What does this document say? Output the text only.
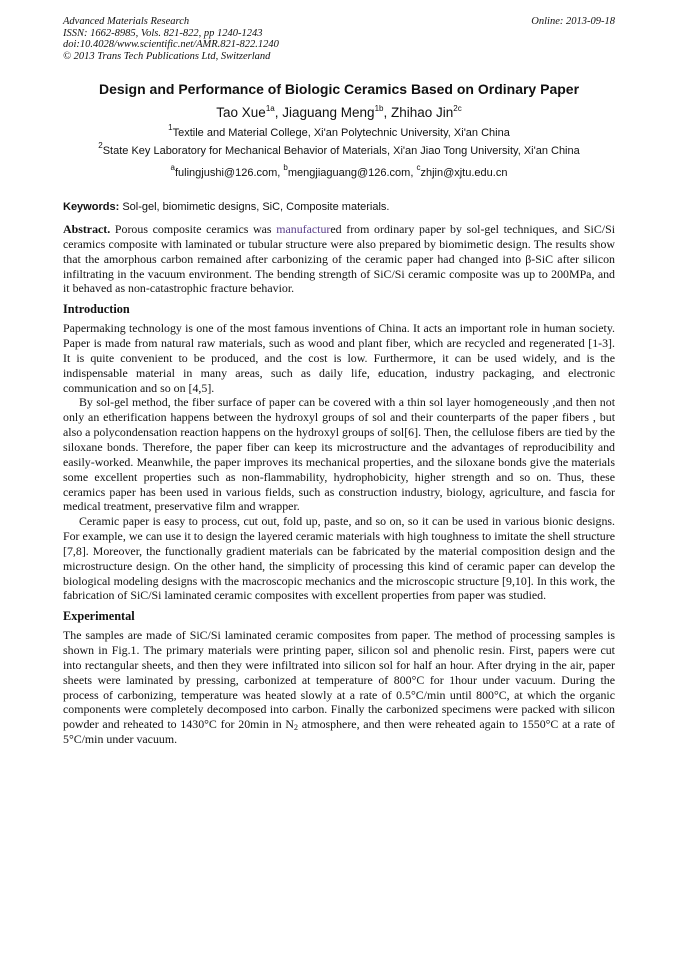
Advanced Materials Research
ISSN: 1662-8985, Vols. 821-822, pp 1240-1243
doi:10.4028/www.scientific.net/AMR.821-822.1240
© 2013 Trans Tech Publications Ltd, Switzerland
Online: 2013-09-18
Design and Performance of Biologic Ceramics Based on Ordinary Paper
Tao Xue$^{1a}$, Jiaguang Meng$^{1b}$, Zhihao Jin$^{2c}$
$^1$Textile and Material College, Xi'an Polytechnic University, Xi'an China
$^2$State Key Laboratory for Mechanical Behavior of Materials, Xi'an Jiao Tong University, Xi'an China
$^a$fulingjushi@126.com, $^b$mengjiaguang@126.com, $^c$zhjin@xjtu.edu.cn
Keywords: Sol-gel, biomimetic designs, SiC, Composite materials.
Abstract. Porous composite ceramics was manufactured from ordinary paper by sol-gel techniques, and SiC/Si ceramics composite with laminated or tubular structure were also prepared by biomimetic design. The results show that the amorphous carbon remained after carbonizing of the ceramic paper had changed into β-SiC after silicon infiltrating in the vacuum environment. The bending strength of SiC/Si ceramic composite was up to 200MPa, and it behaved as non-catastrophic fracture behavior.
Introduction

Papermaking technology is one of the most famous inventions of China. It acts an important role in human society. Paper is made from natural raw materials, such as wood and plant fiber, which are recycled and regenerated [1-3]. It is quite convenient to be produced, and the cost is low. Furthermore, it can be used widely, and is the indispensable material in many areas, such as daily life, education, industry packaging, and electronic communication and so on [4,5].

By sol-gel method, the fiber surface of paper can be covered with a thin sol layer homogeneously ,and then not only an etherification happens between the hydroxyl groups of sol and their counterparts of the paper fibers , but also a polycondensation reaction happens on the hydroxyl groups of sol[6]. Then, the cellulose fibers are tied by the siloxane bonds. Therefore, the paper fiber can keep its microstructure and the advantages of reproducibility and easily-worked. Meanwhile, the paper improves its mechanical properties, and the siloxane bonds give the materials some excellent properties such as non-flammability, hydrophobicity, higher strength and so on. Thus, these ceramics paper has been used in various fields, such as construction industry, biology, agriculture, and fascia for medical treatment, preservative film and wrapper.

Ceramic paper is easy to process, cut out, fold up, paste, and so on, so it can be used in various bionic designs. For example, we can use it to design the layered ceramic materials with high toughness to imitate the shell structure [7,8]. Moreover, the functionally gradient materials can be fabricated by the material composition design and the microstructure design. On the other hand, the simplicity of processing this kind of ceramic paper can develop the biological modeling designs with the macroscopic mechanics and the microscopic structure [9,10]. In this work, the fabrication of SiC/Si laminated ceramic composites with excellent properties from paper was studied.

Experimental

The samples are made of SiC/Si laminated ceramic composites from paper. The method of processing samples is shown in Fig.1. The primary materials were printing paper, silicon sol and phenolic resin. First, papers were cut into rectangular sheets, and then they were infiltrated into silicon sol for half an hour. After drying in the air, paper sheets were laminated by pressing, carbonized at temperature of 800°C for 1hour under vacuum. During the process of carbonizing, temperature was heated slowly at a rate of 0.5°C/min until 800°C, at which the organic components were completely decomposed into carbon. Finally the carbonized specimens were packed with silicon powder and reheated to 1430°C for 20min in $N_2$ atmosphere, and then were reheated again to 1550°C at a rate of 5°C/min under vacuum.
